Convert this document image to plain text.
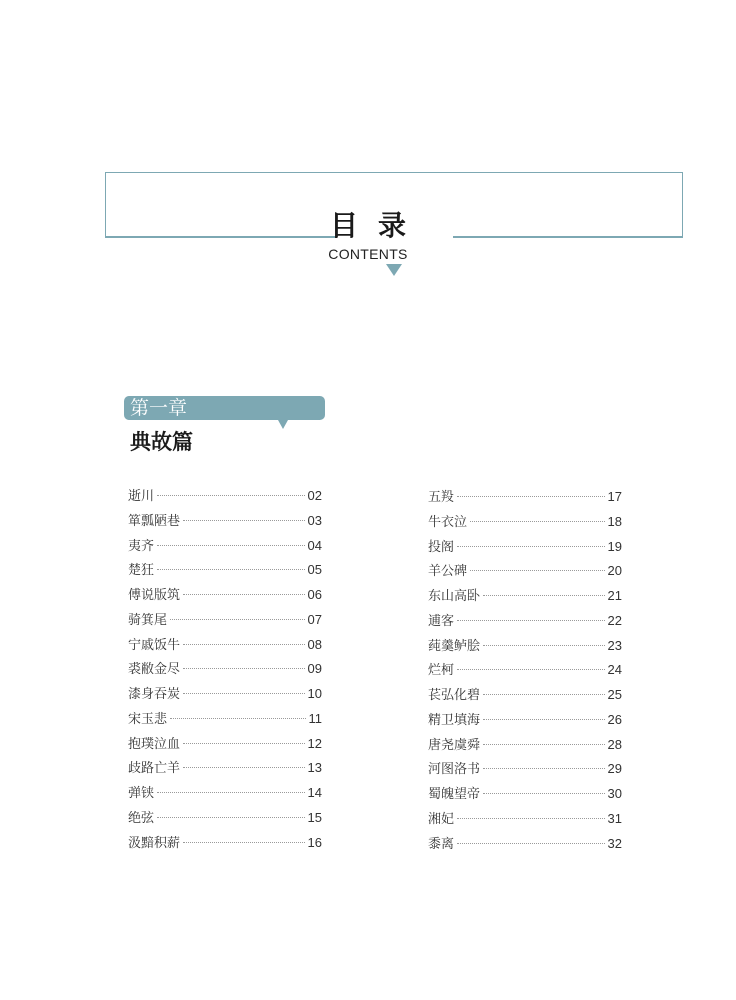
目录
CONTENTS
第一章
典故篇
逝川	02
箪瓢陋巷	03
夷齐	04
楚狂	05
傅说版筑	06
骑箕尾	07
宁戚饭牛	08
裘敝金尽	09
漆身吞炭	10
宋玉悲	11
抱璞泣血	12
歧路亡羊	13
弹铗	14
绝弦	15
汲黯积薪	16
五羖	17
牛衣泣	18
投阁	19
羊公碑	20
东山高卧	21
逋客	22
莼羹鲈脍	23
烂柯	24
苌弘化碧	25
精卫填海	26
唐尧虞舜	28
河图洛书	29
蜀魄望帝	30
湘妃	31
黍离	32
